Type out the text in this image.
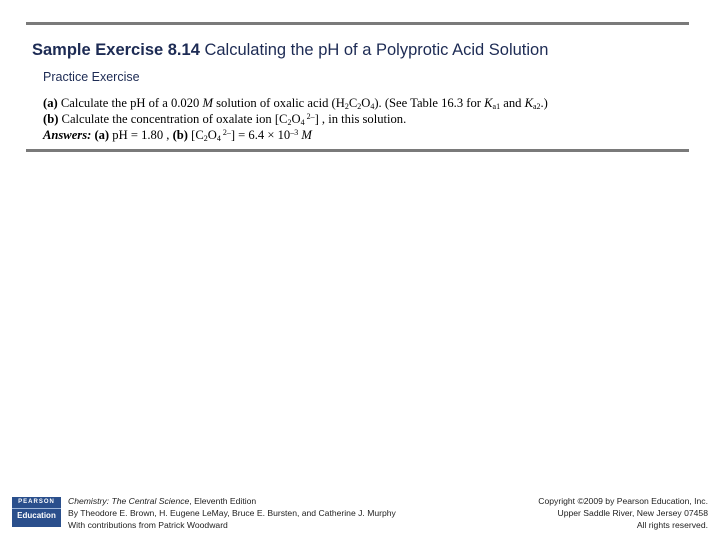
Sample Exercise 8.14 Calculating the pH of a Polyprotic Acid Solution
Practice Exercise
(a) Calculate the pH of a 0.020 M solution of oxalic acid $(H_2C_2O_4)$. (See Table 16.3 for $K_{a1}$ and $K_{a2}$.)
(b) Calculate the concentration of oxalate ion [$C_2O_4$ $^{2-}$] , in this solution.
Answers: (a) pH = 1.80 , (b) [$C_2O_4$ $^{2-}] = 6.4 \times 10^{-3}$ M
PEARSON
Education
Chemistry: The Central Science, Eleventh Edition
By Theodore E. Brown, H. Eugene LeMay, Bruce E. Bursten, and Catherine J. Murphy
With contributions from Patrick Woodward
Copyright ©2009 by Pearson Education, Inc.
Upper Saddle River, New Jersey 07458
All rights reserved.
